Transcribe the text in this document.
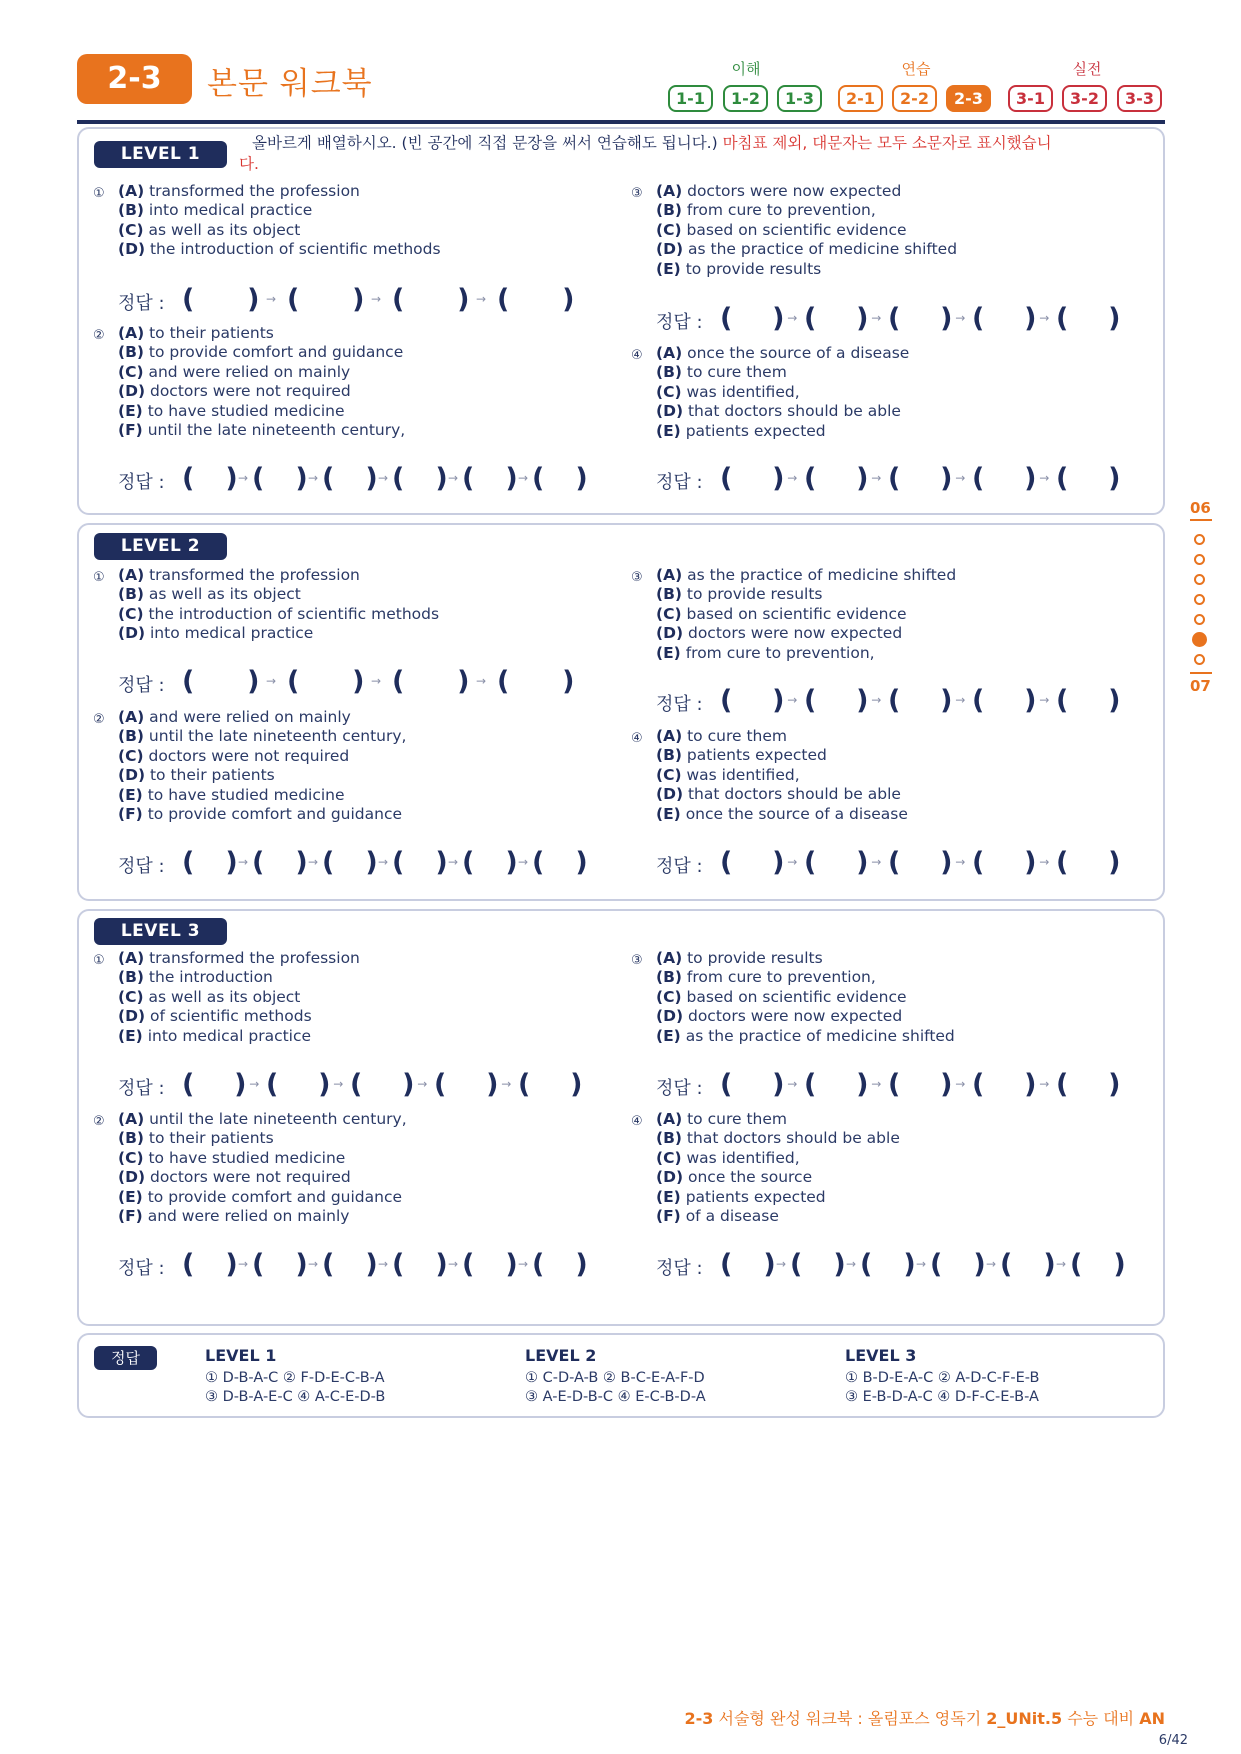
2-3	본문 워크북	이해	연습	실전
1-1	1-2	1-3	2-1	2-2	2-3	3-1	3-2	3-3
LEVEL 1
LEVEL 2
LEVEL 3
올바르게 배열하시오. (빈 공간에 직접 문장을 써서 연습해도 됩니다.) 마침표 제외, 대문자는 모두 소문자로 표시했습니
다.
① (A) transformed the profession
(B) into medical practice
(C) as well as its object
(D) the introduction of scientific methods
정답 : ( ) → ( ) → ( ) → ( )
③ (A) doctors were now expected
(B) from cure to prevention,
(C) based on scientific evidence
(D) as the practice of medicine shifted
(E) to provide results
정답 : ( ) → ( ) → ( ) → ( ) → ( )
② (A) to their patients
(B) to provide comfort and guidance
(C) and were relied on mainly
(D) doctors were not required
(E) to have studied medicine
(F) until the late nineteenth century,
정답 : ( ) → ( ) → ( ) → ( ) → ( ) → ( )
④ (A) once the source of a disease
(B) to cure them
(C) was identified,
(D) that doctors should be able
(E) patients expected
정답 : ( ) → ( ) → ( ) → ( ) → ( )
① (A) transformed the profession
(B) as well as its object
(C) the introduction of scientific methods
(D) into medical practice
정답 : ( ) → ( ) → ( ) → ( )
③ (A) as the practice of medicine shifted
(B) to provide results
(C) based on scientific evidence
(D) doctors were now expected
(E) from cure to prevention,
정답 : ( ) → ( ) → ( ) → ( ) → ( )
② (A) and were relied on mainly
(B) until the late nineteenth century,
(C) doctors were not required
(D) to their patients
(E) to have studied medicine
(F) to provide comfort and guidance
정답 : ( ) → ( ) → ( ) → ( ) → ( ) → ( )
④ (A) to cure them
(B) patients expected
(C) was identified,
(D) that doctors should be able
(E) once the source of a disease
정답 : ( ) → ( ) → ( ) → ( ) → ( )
① (A) transformed the profession
(B) the introduction
(C) as well as its object
(D) of scientific methods
(E) into medical practice
정답 : ( ) → ( ) → ( ) → ( ) → ( )
③ (A) to provide results
(B) from cure to prevention,
(C) based on scientific evidence
(D) doctors were now expected
(E) as the practice of medicine shifted
정답 : ( ) → ( ) → ( ) → ( ) → ( )
② (A) until the late nineteenth century,
(B) to their patients
(C) to have studied medicine
(D) doctors were not required
(E) to provide comfort and guidance
(F) and were relied on mainly
정답 : ( ) → ( ) → ( ) → ( ) → ( ) → ( )
④ (A) to cure them
(B) that doctors should be able
(C) was identified,
(D) once the source
(E) patients expected
(F) of a disease
정답 : ( ) → ( ) → ( ) → ( ) → ( ) → ( )
06
07
정답	LEVEL 1
① D-B-A-C ② F-D-E-C-B-A
③ D-B-A-E-C ④ A-C-E-D-B
LEVEL 2
① C-D-A-B ② B-C-E-A-F-D
③ A-E-D-B-C ④ E-C-B-D-A
LEVEL 3
① B-D-E-A-C ② A-D-C-F-E-B
③ E-B-D-A-C ④ D-F-C-E-B-A
2-3 서술형 완성 워크북 : 올림포스 영독기 2_UNit.5 수능 대비 AN
6/42
